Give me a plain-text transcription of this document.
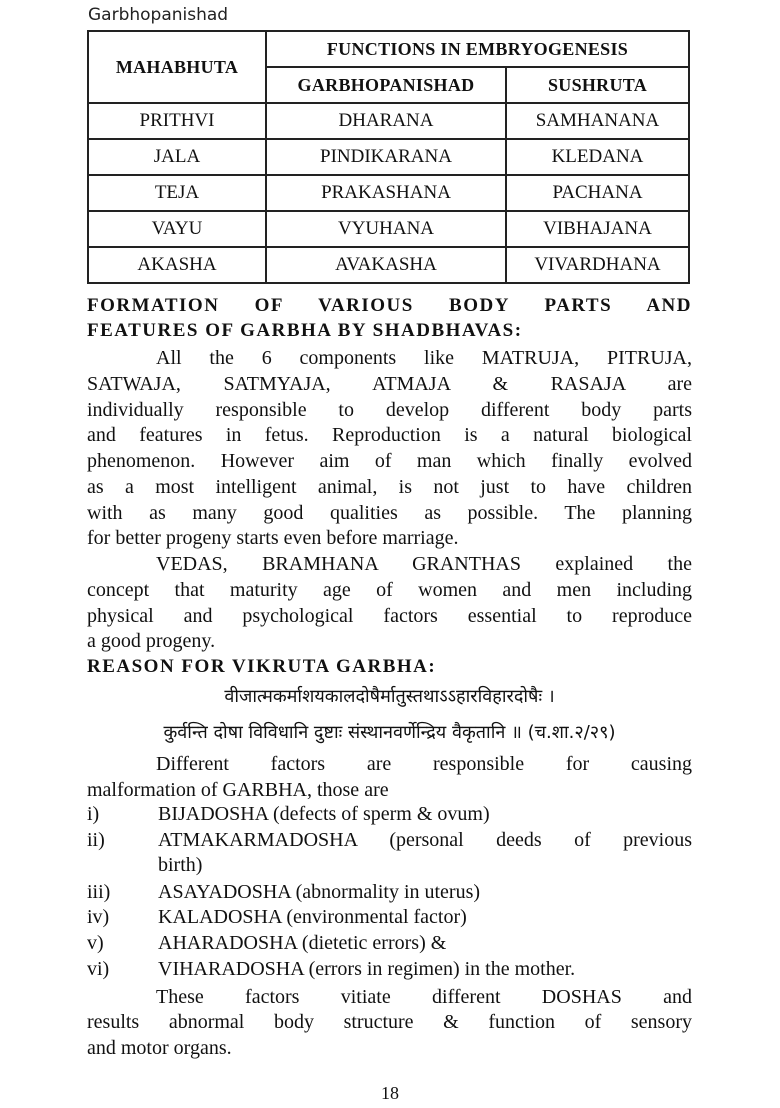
Garbhopanishad
MAHABHUTA	FUNCTIONS IN EMBRYOGENESIS	
	GARBHOPANISHAD	SUSHRUTA
PRITHVI	DHARANA	SAMHANANA
JALA	PINDIKARANA	KLEDANA
TEJA	PRAKASHANA	PACHANA
VAYU	VYUHANA	VIBHAJANA
AKASHA	AVAKASHA	VIVARDHANA
FORMATION OF VARIOUS BODY PARTS AND
FEATURES OF GARBHA BY SHADBHAVAS:
All the 6 components like MATRUJA, PITRUJA,
SATWAJA, SATMYAJA, ATMAJA & RASAJA are
individually responsible to develop different body parts
and features in fetus. Reproduction is a natural biological
phenomenon. However aim of man which finally evolved
as a most intelligent animal, is not just to have children
with as many good qualities as possible. The planning
for better progeny starts even before marriage.
VEDAS, BRAMHANA GRANTHAS explained the
concept that maturity age of women and men including
physical and psychological factors essential to reproduce
a good progeny.
REASON FOR VIKRUTA GARBHA:
वीजात्मकर्माशयकालदोषैर्मातुस्तथाऽऽहारविहारदोषैः ।
कुर्वन्ति दोषा विविधानि दुष्टाः संस्थानवर्णेन्द्रिय वैकृतानि ॥ (च.शा.२/२९)
Different factors are responsible for causing
malformation of GARBHA, those are
i)	BIJADOSHA (defects of sperm & ovum)
ii)	ATMAKARMADOSHA (personal deeds of previous
birth)
iii) ASAYADOSHA (abnormality in uterus)
iv) KALADOSHA (environmental factor)
v)	AHARADOSHA (dietetic errors) &
vi) VIHARADOSHA (errors in regimen) in the mother.
These factors vitiate different DOSHAS and
results abnormal body structure & function of sensory
and motor organs.
18
